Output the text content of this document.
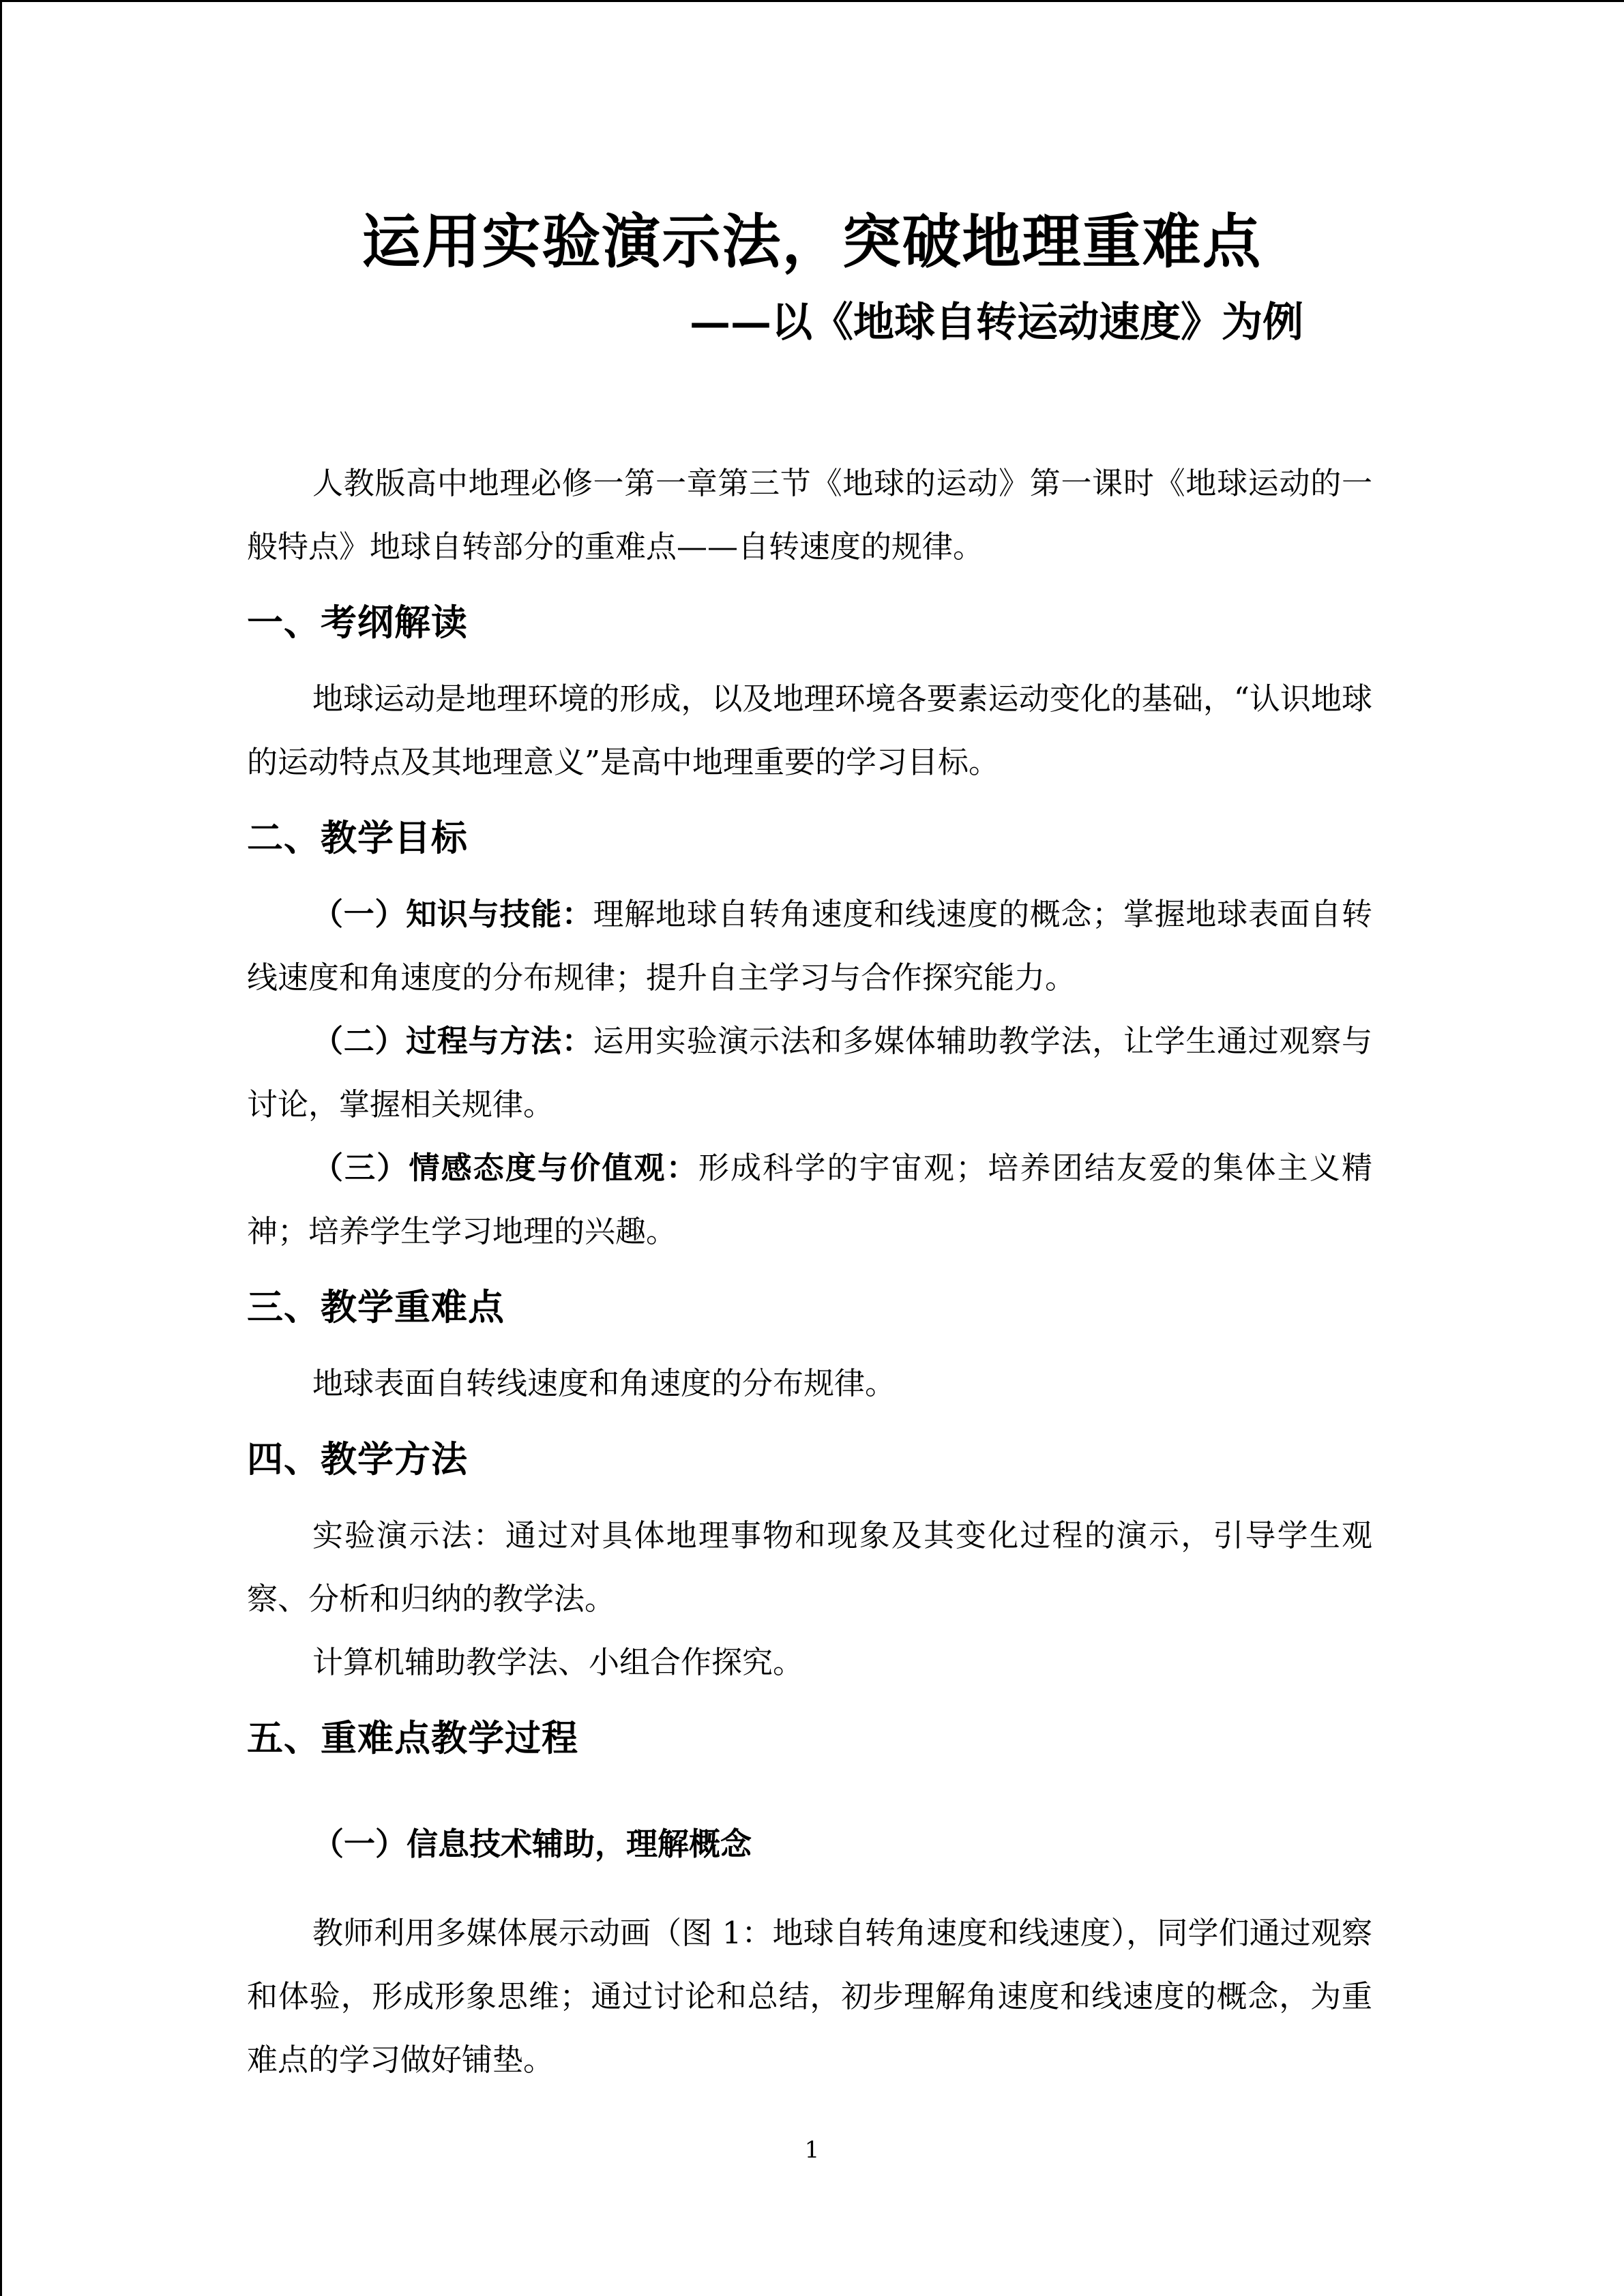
运用实验演示法，突破地理重难点
——以《地球自转运动速度》为例

人教版高中地理必修一第一章第三节《地球的运动》第一课时《地球运动的一般特点》地球自转部分的重难点——自转速度的规律。

一、考纲解读

地球运动是地理环境的形成，以及地理环境各要素运动变化的基础，“认识地球的运动特点及其地理意义”是高中地理重要的学习目标。

二、教学目标

（一）知识与技能：理解地球自转角速度和线速度的概念；掌握地球表面自转线速度和角速度的分布规律；提升自主学习与合作探究能力。

（二）过程与方法：运用实验演示法和多媒体辅助教学法，让学生通过观察与讨论，掌握相关规律。

（三）情感态度与价值观：形成科学的宇宙观；培养团结友爱的集体主义精神；培养学生学习地理的兴趣。

三、教学重难点

地球表面自转线速度和角速度的分布规律。

四、教学方法

实验演示法：通过对具体地理事物和现象及其变化过程的演示，引导学生观察、分析和归纳的教学法。

计算机辅助教学法、小组合作探究。

五、重难点教学过程
（一）信息技术辅助，理解概念

教师利用多媒体展示动画（图 1：地球自转角速度和线速度），同学们通过观察和体验，形成形象思维；通过讨论和总结，初步理解角速度和线速度的概念，为重难点的学习做好铺垫。

1
